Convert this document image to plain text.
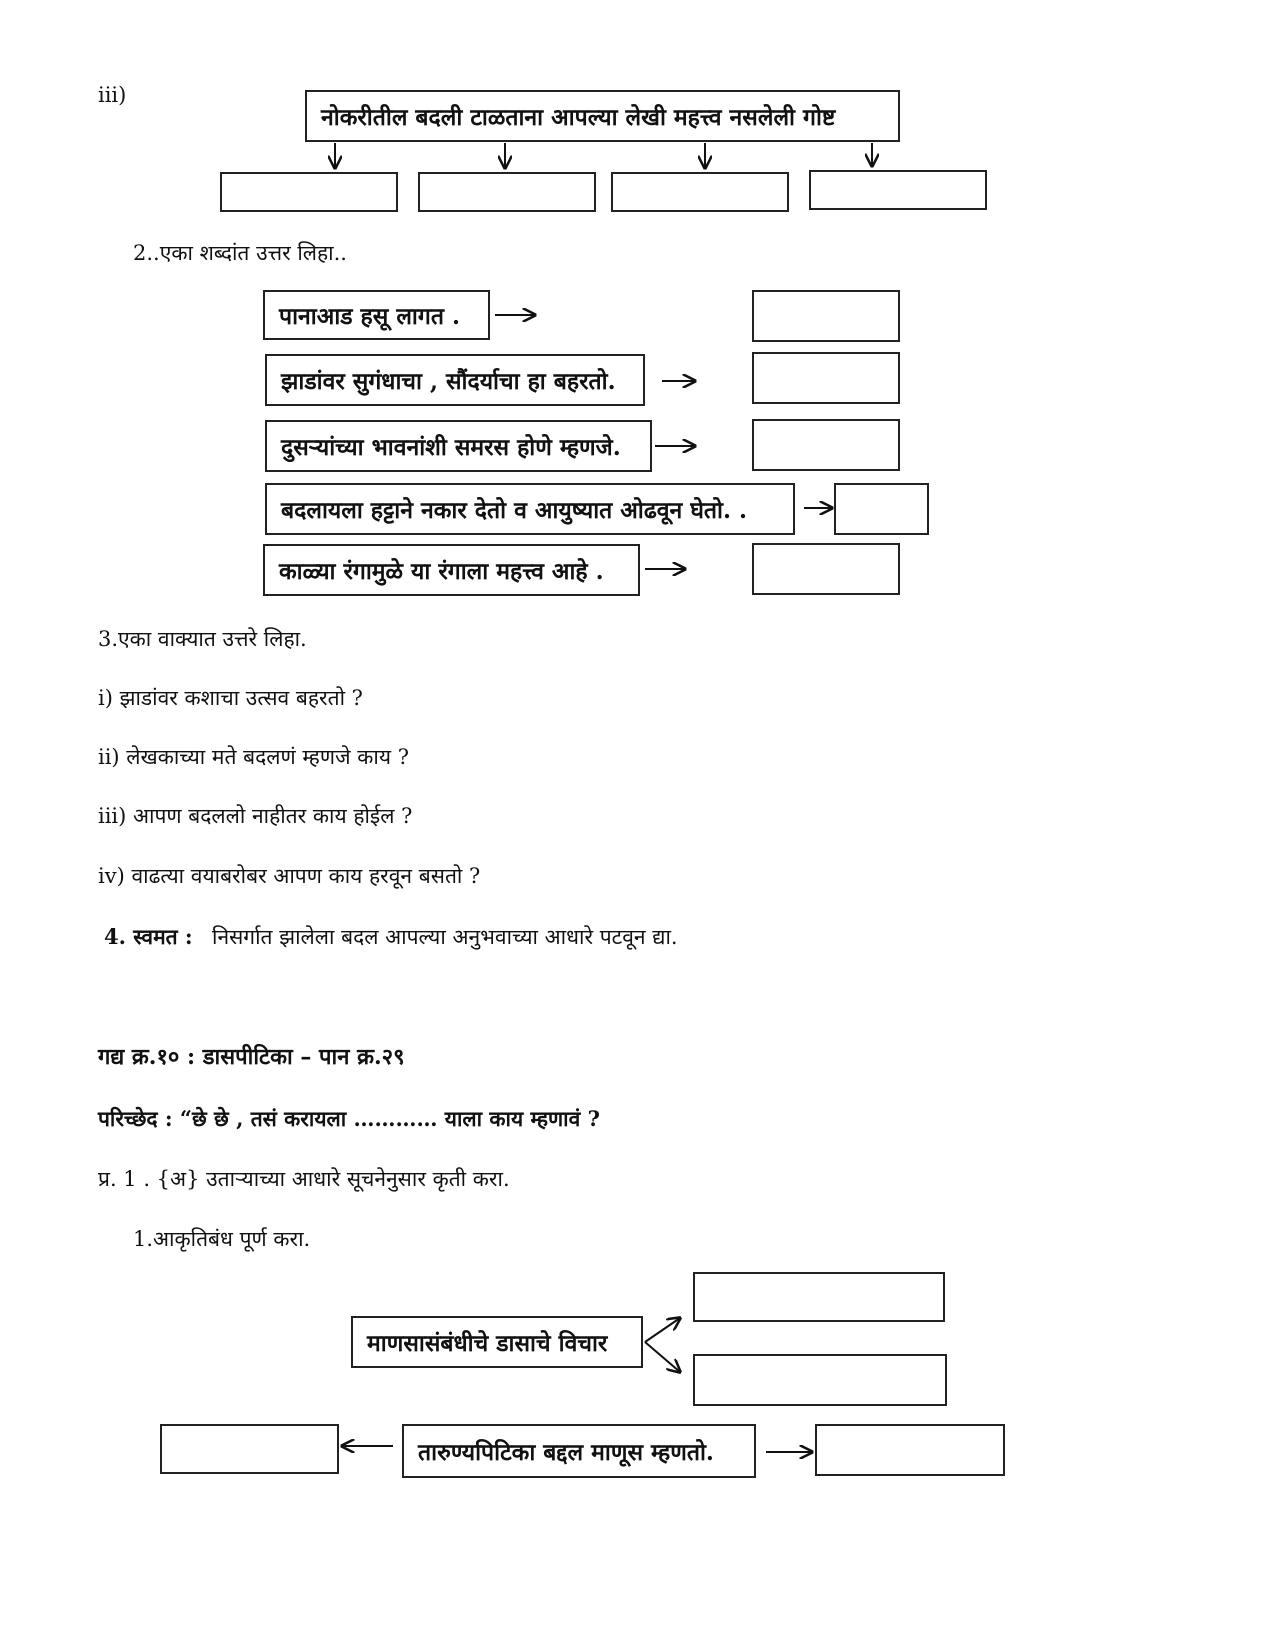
iii)
नोकरीतील बदली टाळताना आपल्या लेखी महत्त्व नसलेली गोष्ट
2..एका शब्दांत उत्तर लिहा..
पानाआड हसू लागत .
झाडांवर सुगंधाचा , सौंदर्याचा हा बहरतो.
दुसऱ्यांच्या भावनांशी समरस होणे म्हणजे.
बदलायला हट्टाने नकार देतो व आयुष्यात ओढवून घेतो. .
काळ्या रंगामुळे या रंगाला महत्त्व आहे .
3.एका वाक्यात उत्तरे लिहा.
i) झाडांवर कशाचा उत्सव बहरतो ?
ii) लेखकाच्या मते बदलणं म्हणजे काय ?
iii) आपण बदललो नाहीतर काय होईल ?
iv) वाढत्या वयाबरोबर आपण काय हरवून बसतो ?
4. स्वमत : निसर्गात झालेला बदल आपल्या अनुभवाच्या आधारे पटवून द्या.
गद्य क्र.१० : डासपीटिका – पान क्र.२९
परिच्छेद : “छे छे , तसं करायला ………… याला काय म्हणावं ?
प्र. 1 . {अ} उताऱ्याच्या आधारे सूचनेनुसार कृती करा.
1.आकृतिबंध पूर्ण करा.
माणसासंबंधीचे डासाचे विचार
तारुण्यपिटिका बद्दल माणूस म्हणतो.
